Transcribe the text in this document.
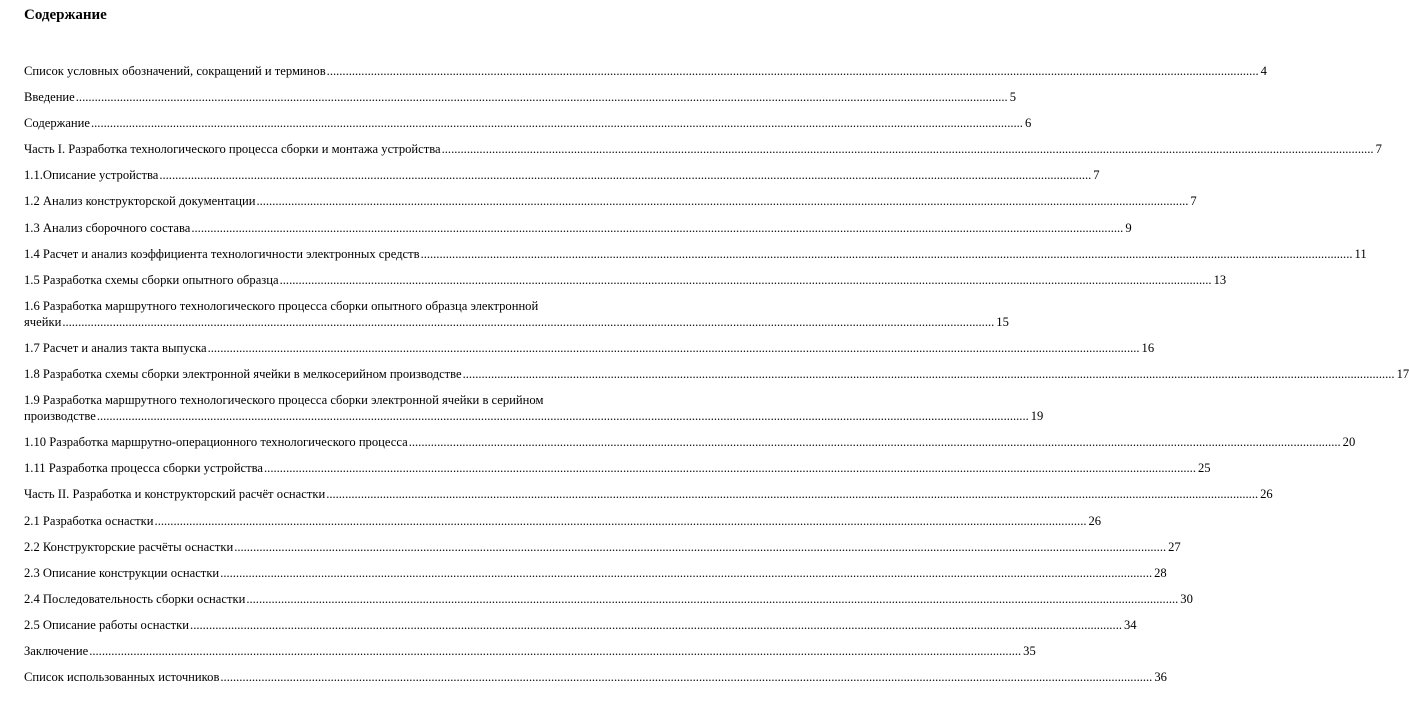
Содержание
Список условных обозначений, сокращений и терминов .....	4
Введение .....	5
Содержание .....	6
Часть I. Разработка технологического процесса сборки и монтажа устройства .....	7
1.1.Описание устройства .....	7
1.2 Анализ конструкторской документации .....	7
1.3 Анализ сборочного состава .....	9
1.4 Расчет и анализ коэффициента технологичности электронных средств .....	11
1.5 Разработка схемы сборки опытного образца .....	13
1.6 Разработка маршрутного технологического процесса сборки опытного образца электронной
ячейки .....	15
1.7 Расчет и анализ такта выпуска .....	16
1.8 Разработка схемы сборки электронной ячейки в мелкосерийном производстве .....	17
1.9 Разработка маршрутного технологического процесса сборки электронной ячейки в серийном
производстве .....	19
1.10 Разработка маршрутно-операционного технологического процесса .....	20
1.11 Разработка процесса сборки устройства .....	25
Часть II. Разработка и конструкторский расчёт оснастки .....	26
2.1 Разработка оснастки .....	26
2.2 Конструкторские расчёты оснастки .....	27
2.3 Описание конструкции оснастки .....	28
2.4 Последовательность сборки оснастки .....	30
2.5 Описание работы оснастки .....	34
Заключение .....	35
Список использованных источников .....	36
